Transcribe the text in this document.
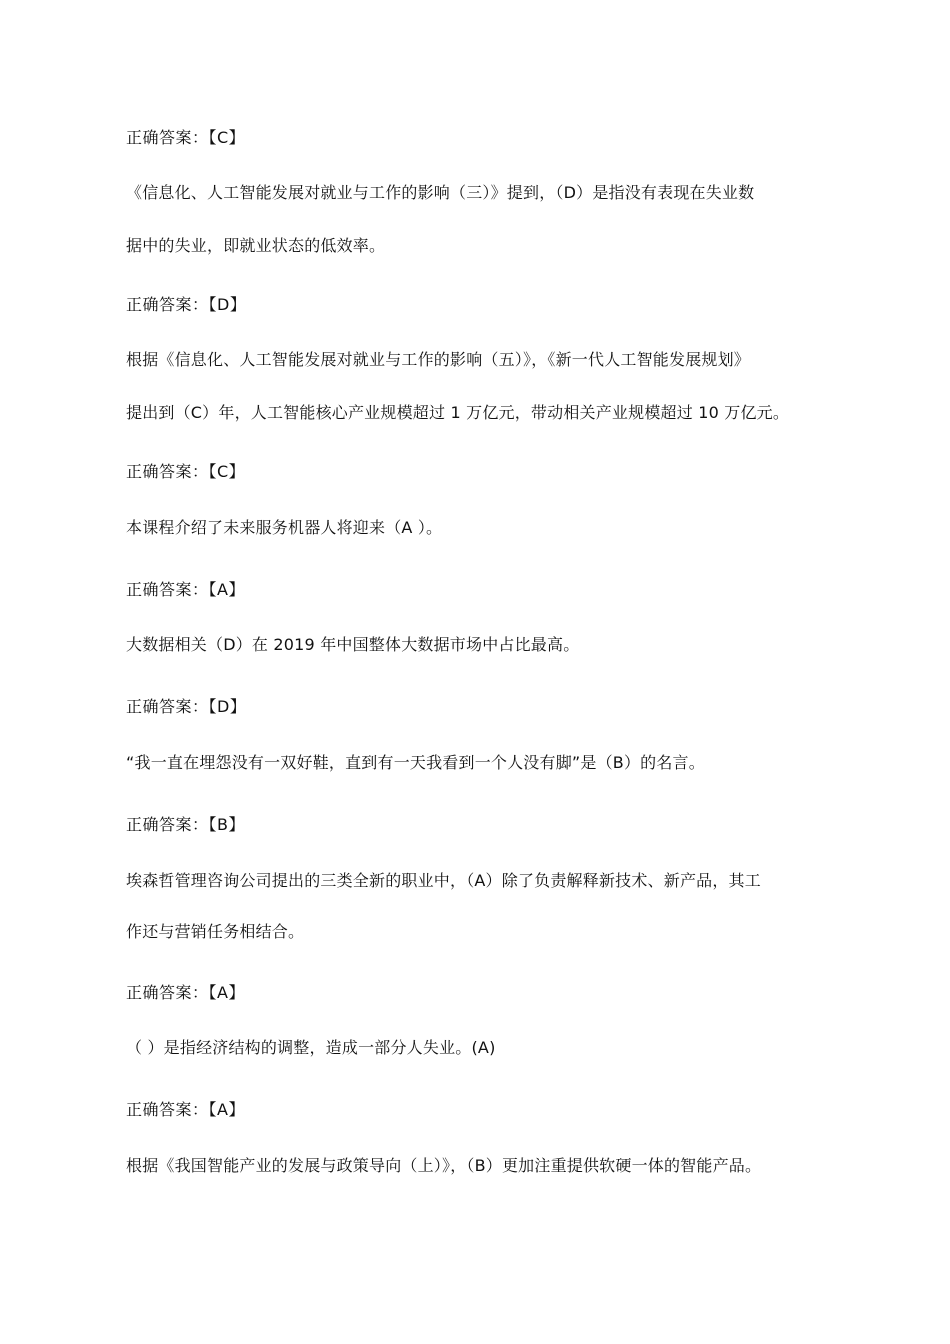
正确答案：【C】
《信息化、人工智能发展对就业与工作的影响（三）》提到，（D）是指没有表现在失业数
据中的失业，即就业状态的低效率。
正确答案：【D】
根据《信息化、人工智能发展对就业与工作的影响（五）》，《新一代人工智能发展规划》
提出到（C）年，人工智能核心产业规模超过 1 万亿元，带动相关产业规模超过 10 万亿元。
正确答案：【C】
本课程介绍了未来服务机器人将迎来（A ）。
正确答案：【A】
大数据相关（D）在 2019 年中国整体大数据市场中占比最高。
正确答案：【D】
“我一直在埋怨没有一双好鞋，直到有一天我看到一个人没有脚”是（B）的名言。
正确答案：【B】
埃森哲管理咨询公司提出的三类全新的职业中，（A）除了负责解释新技术、新产品，其工
作还与营销任务相结合。
正确答案：【A】
（ ）是指经济结构的调整，造成一部分人失业。(A)
正确答案：【A】
根据《我国智能产业的发展与政策导向（上）》，（B）更加注重提供软硬一体的智能产品。
